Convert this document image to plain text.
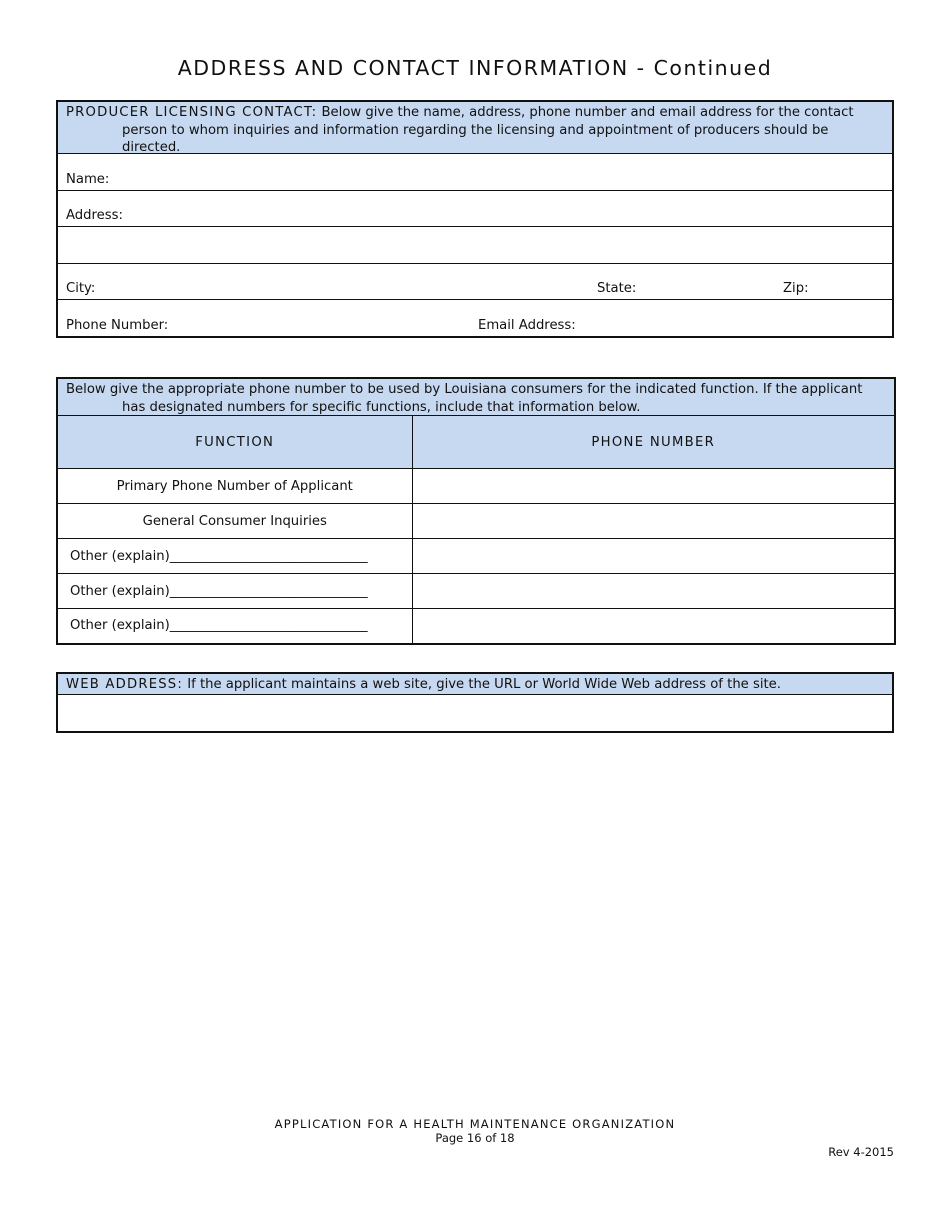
ADDRESS AND CONTACT INFORMATION - Continued
PRODUCER LICENSING CONTACT: Below give the name, address, phone number and email address for the contact person to whom inquiries and information regarding the licensing and appointment of producers should be directed.

Name:

Address:

City:	State:	Zip:

Phone Number:	Email Address:
Below give the appropriate phone number to be used by Louisiana consumers for the indicated function. If the applicant has designated numbers for specific functions, include that information below.	

FUNCTION	PHONE NUMBER
Primary Phone Number of Applicant	
General Consumer Inquiries	
Other (explain)______________________________	
Other (explain)______________________________	
Other (explain)______________________________	
WEB ADDRESS: If the applicant maintains a web site, give the URL or World Wide Web address of the site.

APPLICATION FOR A HEALTH MAINTENANCE ORGANIZATION
Page 16 of 18
Rev 4-2015
